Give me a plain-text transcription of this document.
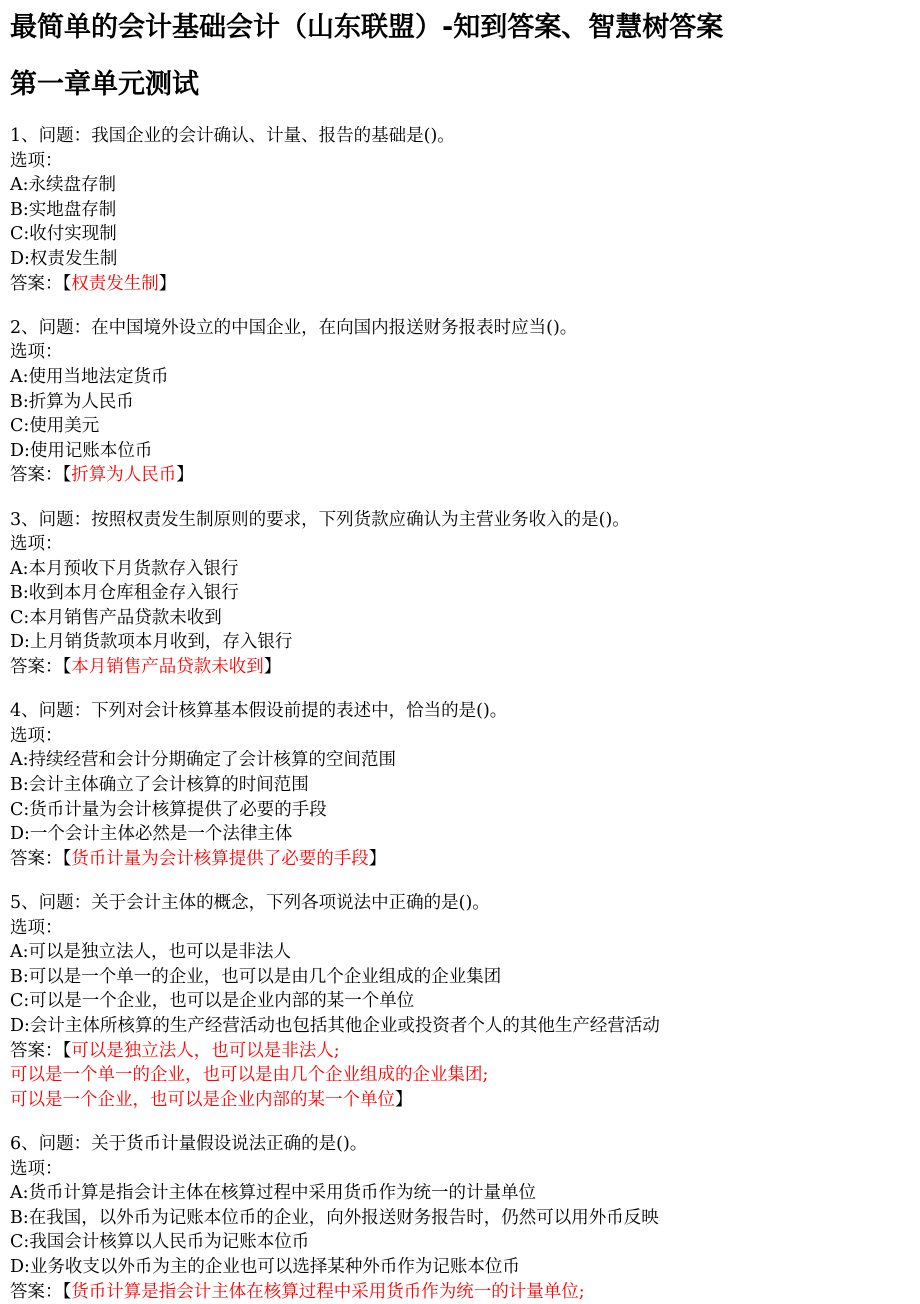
最简单的会计基础会计（山东联盟）-知到答案、智慧树答案
第一章单元测试
1、问题：我国企业的会计确认、计量、报告的基础是()。
选项：
A:永续盘存制
B:实地盘存制
C:收付实现制
D:权责发生制
答案：【权责发生制】
2、问题：在中国境外设立的中国企业，在向国内报送财务报表时应当()。
选项：
A:使用当地法定货币
B:折算为人民币
C:使用美元
D:使用记账本位币
答案：【折算为人民币】
3、问题：按照权责发生制原则的要求，下列货款应确认为主营业务收入的是()。
选项：
A:本月预收下月货款存入银行
B:收到本月仓库租金存入银行
C:本月销售产品贷款未收到
D:上月销货款项本月收到，存入银行
答案：【本月销售产品贷款未收到】
4、问题：下列对会计核算基本假设前提的表述中，恰当的是()。
选项：
A:持续经营和会计分期确定了会计核算的空间范围
B:会计主体确立了会计核算的时间范围
C:货币计量为会计核算提供了必要的手段
D:一个会计主体必然是一个法律主体
答案：【货币计量为会计核算提供了必要的手段】
5、问题：关于会计主体的概念，下列各项说法中正确的是()。
选项：
A:可以是独立法人，也可以是非法人
B:可以是一个单一的企业，也可以是由几个企业组成的企业集团
C:可以是一个企业，也可以是企业内部的某一个单位
D:会计主体所核算的生产经营活动也包括其他企业或投资者个人的其他生产经营活动
答案：【可以是独立法人，也可以是非法人;
可以是一个单一的企业，也可以是由几个企业组成的企业集团;
可以是一个企业，也可以是企业内部的某一个单位】
6、问题：关于货币计量假设说法正确的是()。
选项：
A:货币计算是指会计主体在核算过程中采用货币作为统一的计量单位
B:在我国，以外币为记账本位币的企业，向外报送财务报告时，仍然可以用外币反映
C:我国会计核算以人民币为记账本位币
D:业务收支以外币为主的企业也可以选择某种外币作为记账本位币
答案：【货币计算是指会计主体在核算过程中采用货币作为统一的计量单位;
